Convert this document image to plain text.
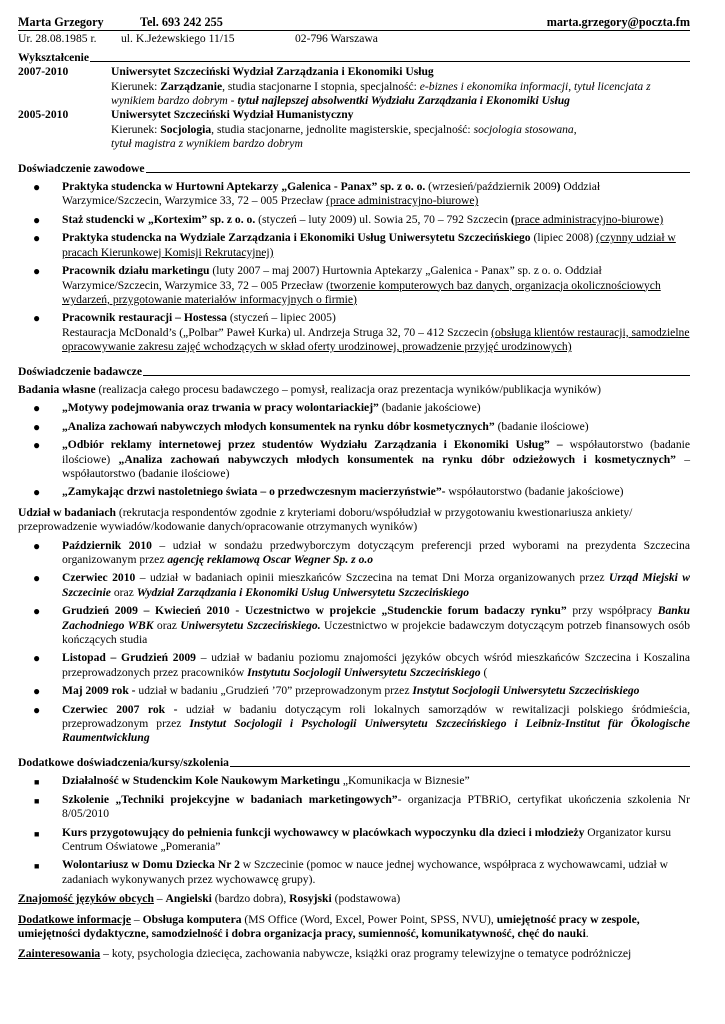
Marta Grzegory	Tel. 693 242 255	marta.grzegory@poczta.fm
Ur. 28.08.1985 r.	ul. K.Jeżewskiego 11/15	02-796 Warszawa
Wykształcenie
2007-2010	Uniwersytet Szczeciński Wydział Zarządzania i Ekonomiki Usług
Kierunek: Zarządzanie, studia stacjonarne I stopnia, specjalność: e-biznes i ekonomika informacji, tytuł licencjata z wynikiem bardzo dobrym - tytuł najlepszej absolwentki Wydziału Zarządzania i Ekonomiki Usług
2005-2010	Uniwersytet Szczeciński Wydział Humanistyczny
Kierunek: Socjologia, studia stacjonarne, jednolite magisterskie, specjalność: socjologia stosowana,
tytuł magistra z wynikiem bardzo dobrym
Doświadczenie zawodowe
● Praktyka studencka w Hurtowni Aptekarzy „Galenica - Panax” sp. z o. o. (wrzesień/październik 2009) Oddział Warzymice/Szczecin, Warzymice 33, 72 – 005 Przecław (prace administracyjno-biurowe)
● Staż studencki w „Kortexim” sp. z o. o. (styczeń – luty 2009) ul. Sowia 25, 70 – 792 Szczecin (prace administracyjno-biurowe)
● Praktyka studencka na Wydziale Zarządzania i Ekonomiki Usług Uniwersytetu Szczecińskiego (lipiec 2008) (czynny udział w pracach Kierunkowej Komisji Rekrutacyjnej)
● Pracownik działu marketingu (luty 2007 – maj 2007) Hurtownia Aptekarzy „Galenica - Panax” sp. z o. o. Oddział Warzymice/Szczecin, Warzymice 33, 72 – 005 Przecław (tworzenie komputerowych baz danych, organizacja okolicznościowych wydarzeń, przygotowanie materiałów informacyjnych o firmie)
● Pracownik restauracji – Hostessa (styczeń – lipiec 2005)
Restauracja McDonald’s („Polbar” Paweł Kurka) ul. Andrzeja Struga 32, 70 – 412 Szczecin (obsługa klientów restauracji, samodzielne opracowywanie zakresu zajęć wchodzących w skład oferty urodzinowej, prowadzenie przyjęć urodzinowych)
Doświadczenie badawcze
Badania własne (realizacja całego procesu badawczego – pomysł, realizacja oraz prezentacja wyników/publikacja wyników)
● „Motywy podejmowania oraz trwania w pracy wolontariackiej” (badanie jakościowe)
● „Analiza zachowań nabywczych młodych konsumentek na rynku dóbr kosmetycznych” (badanie ilościowe)
● „Odbiór reklamy internetowej przez studentów Wydziału Zarządzania i Ekonomiki Usług” – współautorstwo (badanie ilościowe) „Analiza zachowań nabywczych młodych konsumentek na rynku dóbr odzieżowych i kosmetycznych” – współautorstwo (badanie ilościowe)
● „Zamykając drzwi nastoletniego świata – o przedwczesnym macierzyństwie”- współautorstwo (badanie jakościowe)
Udział w badaniach (rekrutacja respondentów zgodnie z kryteriami doboru/współudział w przygotowaniu kwestionariusza ankiety/ przeprowadzenie wywiadów/kodowanie danych/opracowanie otrzymanych wyników)
● Październik 2010 – udział w sondażu przedwyborczym dotyczącym preferencji przed wyborami na prezydenta Szczecina organizowanym przez agencję reklamową Oscar Wegner Sp. z o.o
● Czerwiec 2010 – udział w badaniach opinii mieszkańców Szczecina na temat Dni Morza organizowanych przez Urząd Miejski w Szczecinie oraz Wydział Zarządzania i Ekonomiki Usług Uniwersytetu Szczecińskiego
● Grudzień 2009 – Kwiecień 2010 - Uczestnictwo w projekcie „Studenckie forum badaczy rynku” przy współpracy Banku Zachodniego WBK oraz Uniwersytetu Szczecińskiego. Uczestnictwo w projekcie badawczym dotyczącym potrzeb finansowych osób kończących studia
● Listopad – Grudzień 2009 – udział w badaniu poziomu znajomości języków obcych wśród mieszkańców Szczecina i Koszalina przeprowadzonych przez pracowników Instytutu Socjologii Uniwersytetu Szczecińskiego (
● Maj 2009 rok - udział w badaniu „Grudzień ’70” przeprowadzonym przez Instytut Socjologii Uniwersytetu Szczecińskiego
● Czerwiec 2007 rok - udział w badaniu dotyczącym roli lokalnych samorządów w rewitalizacji polskiego śródmieścia, przeprowadzonym przez Instytut Socjologii i Psychologii Uniwersytetu Szczecińskiego i Leibniz-Institut für Ökologische Raumentwicklung
Dodatkowe doświadczenia/kursy/szkolenia
■ Działalność w Studenckim Kole Naukowym Marketingu „Komunikacja w Biznesie”
■ Szkolenie „Techniki projekcyjne w badaniach marketingowych”- organizacja PTBRiO, certyfikat ukończenia szkolenia Nr 8/05/2010
■ Kurs przygotowujący do pełnienia funkcji wychowawcy w placówkach wypoczynku dla dzieci i młodzieży Organizator kursu Centrum Oświatowe „Pomerania”
■ Wolontariusz w Domu Dziecka Nr 2 w Szczecinie (pomoc w nauce jednej wychowance, współpraca z wychowawcami, udział w zadaniach wykonywanych przez wychowawcę grupy).
Znajomość języków obcych – Angielski (bardzo dobra), Rosyjski (podstawowa)
Dodatkowe informacje – Obsługa komputera (MS Office (Word, Excel, Power Point, SPSS, NVU), umiejętność pracy w zespole, umiejętności dydaktyczne, samodzielność i dobra organizacja pracy, sumienność, komunikatywność, chęć do nauki.
Zainteresowania – koty, psychologia dziecięca, zachowania nabywcze, książki oraz programy telewizyjne o tematyce podróżniczej
